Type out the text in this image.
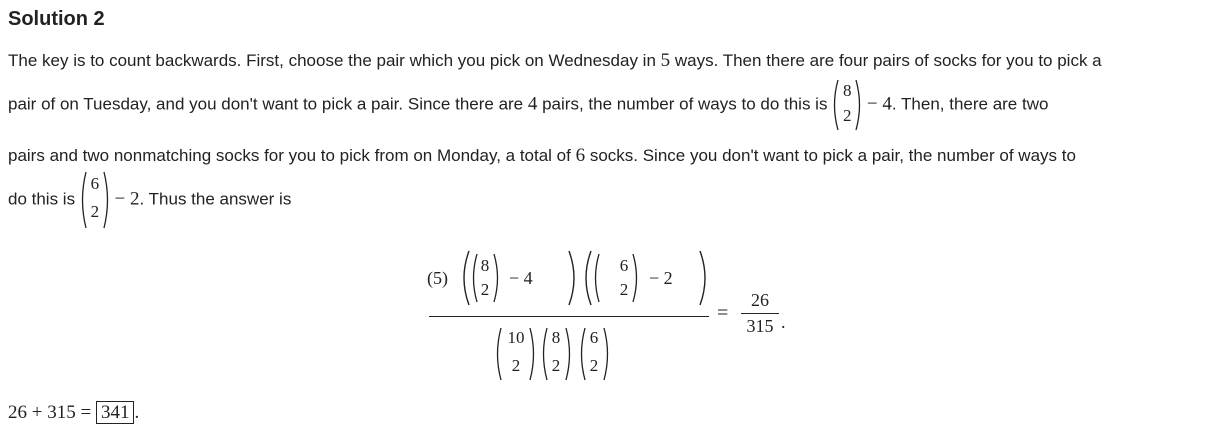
Solution 2
The key is to count backwards. First, choose the pair which you pick on Wednesday in 5 ways. Then there are four pairs of socks for you to pick a
pair of on Tuesday, and you don't want to pick a pair. Since there are 4 pairs, the number of ways to do this is
8
2
− 4. Then, there are two
pairs and two nonmatching socks for you to pick from on Monday, a total of 6 socks. Since you don't want to pick a pair, the number of ways to
do this is
6
2
− 2. Thus the answer is
(5)
8
2
− 4
6
2
− 2
10
2
8
2
6
2
=
26
315 .
26 + 315 = 341 .
